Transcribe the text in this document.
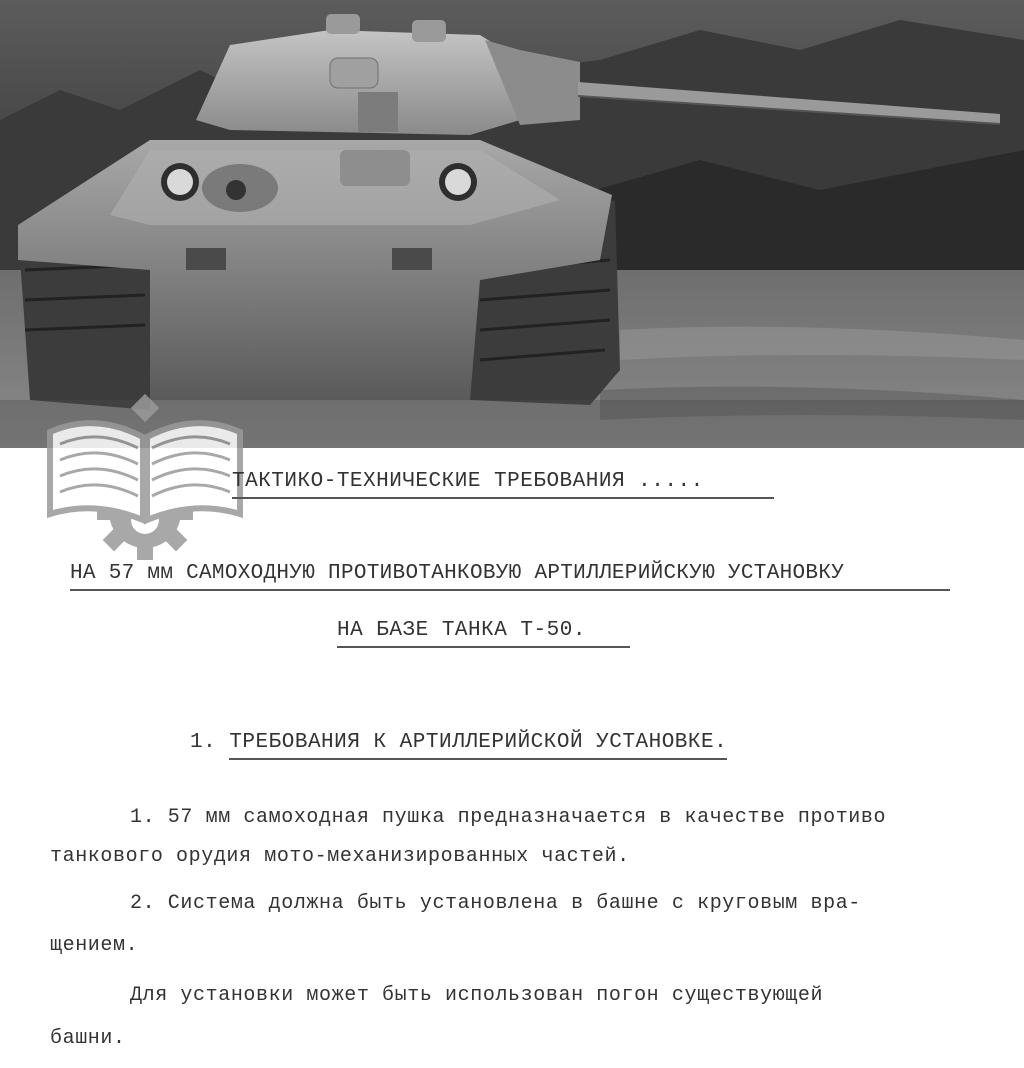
ТАКТИКО-ТЕХНИЧЕСКИЕ ТРЕБОВАНИЯ .....
НА 57 мм САМОХОДНУЮ ПРОТИВОТАНКОВУЮ АРТИЛЛЕРИЙСКУЮ УСТАНОВКУ
НА БАЗЕ ТАНКА Т-50.
1. ТРЕБОВАНИЯ К АРТИЛЛЕРИЙСКОЙ УСТАНОВКЕ.
1. 57 мм самоходная пушка предназначается в качестве противо
танкового орудия мото-механизированных частей.
2. Система должна быть установлена в башне с круговым вра-
щением.
Для установки может быть использован погон существующей
башни.
